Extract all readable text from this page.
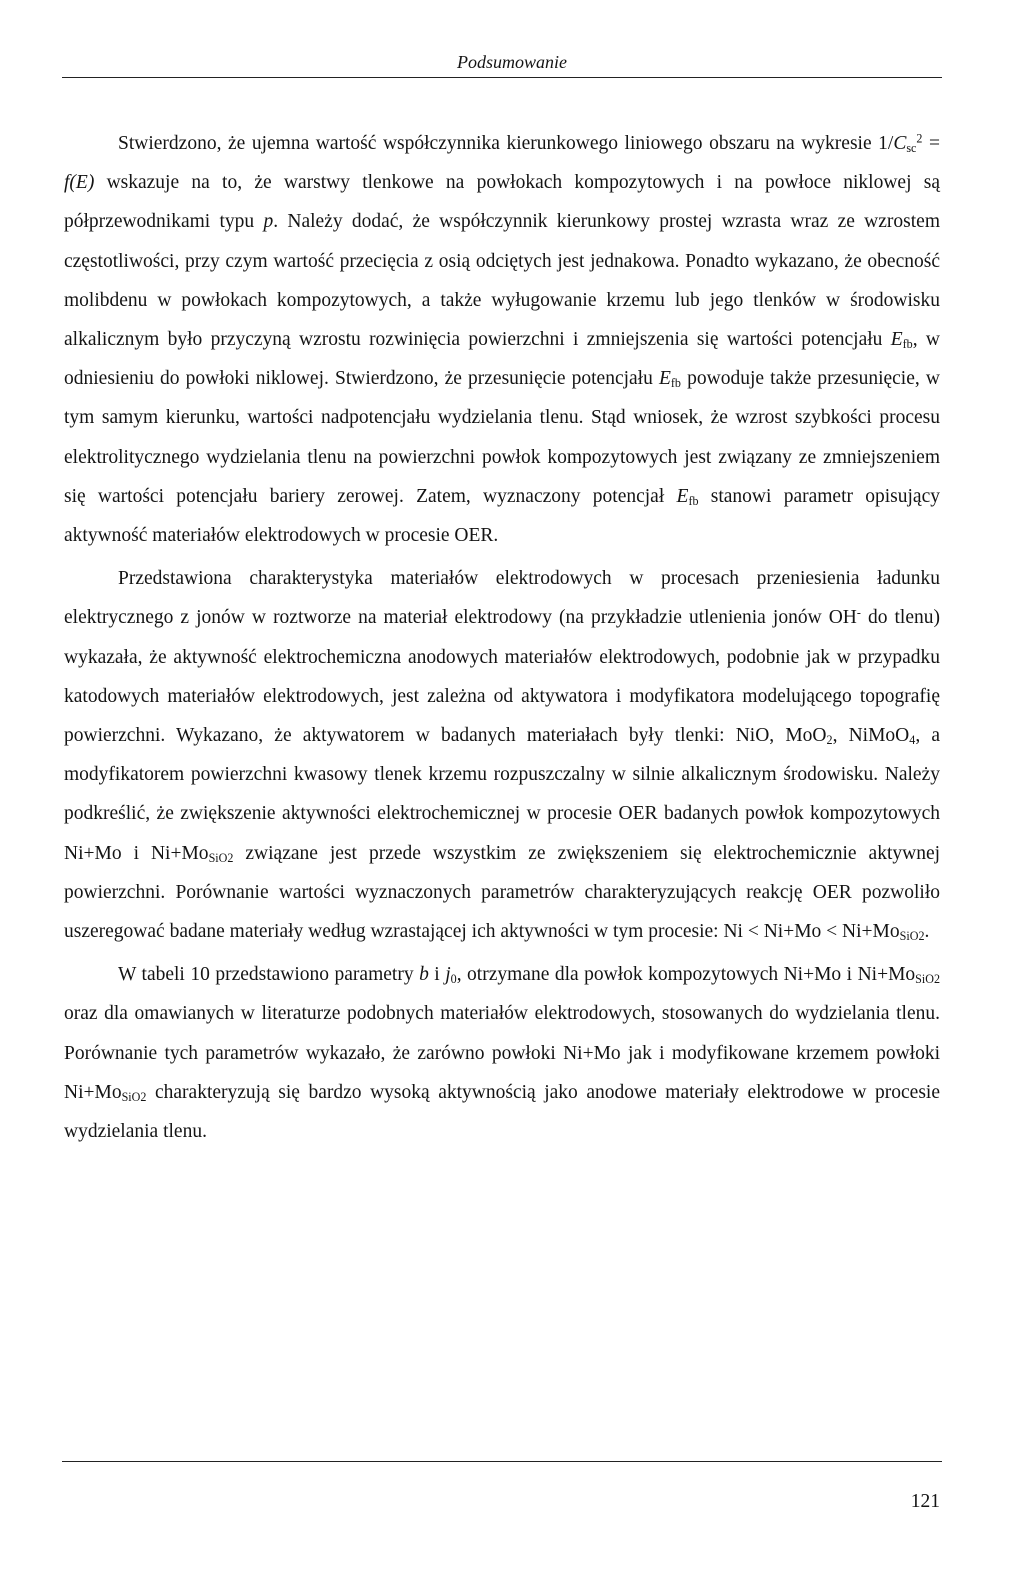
Podsumowanie

Stwierdzono, że ujemna wartość współczynnika kierunkowego liniowego obszaru na wykresie $1/C_{sc}^2 = f(E)$ wskazuje na to, że warstwy tlenkowe na powłokach kompozytowych i na powłoce niklowej są półprzewodnikami typu p. Należy dodać, że współczynnik kierunkowy prostej wzrasta wraz ze wzrostem częstotliwości, przy czym wartość przecięcia z osią odciętych jest jednakowa. Ponadto wykazano, że obecność molibdenu w powłokach kompozytowych, a także wyługowanie krzemu lub jego tlenków w środowisku alkalicznym było przyczyną wzrostu rozwinięcia powierzchni i zmniejszenia się wartości potencjału $E_{fb}$, w odniesieniu do powłoki niklowej. Stwierdzono, że przesunięcie potencjału $E_{fb}$ powoduje także przesunięcie, w tym samym kierunku, wartości nadpotencjału wydzielania tlenu. Stąd wniosek, że wzrost szybkości procesu elektrolitycznego wydzielania tlenu na powierzchni powłok kompozytowych jest związany ze zmniejszeniem się wartości potencjału bariery zerowej. Zatem, wyznaczony potencjał $E_{fb}$ stanowi parametr opisujący aktywność materiałów elektrodowych w procesie OER.

Przedstawiona charakterystyka materiałów elektrodowych w procesach przeniesienia ładunku elektrycznego z jonów w roztworze na materiał elektrodowy (na przykładzie utlenienia jonów OH- do tlenu) wykazała, że aktywność elektrochemiczna anodowych materiałów elektrodowych, podobnie jak w przypadku katodowych materiałów elektrodowych, jest zależna od aktywatora i modyfikatora modelującego topografię powierzchni. Wykazano, że aktywatorem w badanych materiałach były tlenki: NiO, MoO$_2$, NiMoO$_4$, a modyfikatorem powierzchni kwasowy tlenek krzemu rozpuszczalny w silnie alkalicznym środowisku. Należy podkreślić, że zwiększenie aktywności elektrochemicznej w procesie OER badanych powłok kompozytowych Ni+Mo i $Ni+Mo_{SiO2}$ związane jest przede wszystkim ze zwiększeniem się elektrochemicznie aktywnej powierzchni. Porównanie wartości wyznaczonych parametrów charakteryzujących reakcję OER pozwoliło uszeregować badane materiały według wzrastającej ich aktywności w tym procesie: $Ni < Ni+Mo < Ni+Mo_{SiO2}$.

W tabeli 10 przedstawiono parametry b i $j_0$, otrzymane dla powłok kompozytowych Ni+Mo i $Ni+Mo_{SiO2}$ oraz dla omawianych w literaturze podobnych materiałów elektrodowych, stosowanych do wydzielania tlenu. Porównanie tych parametrów wykazało, że zarówno powłoki Ni+Mo jak i modyfikowane krzemem powłoki $Ni+Mo_{SiO2}$ charakteryzują się bardzo wysoką aktywnością jako anodowe materiały elektrodowe w procesie wydzielania tlenu.

121
